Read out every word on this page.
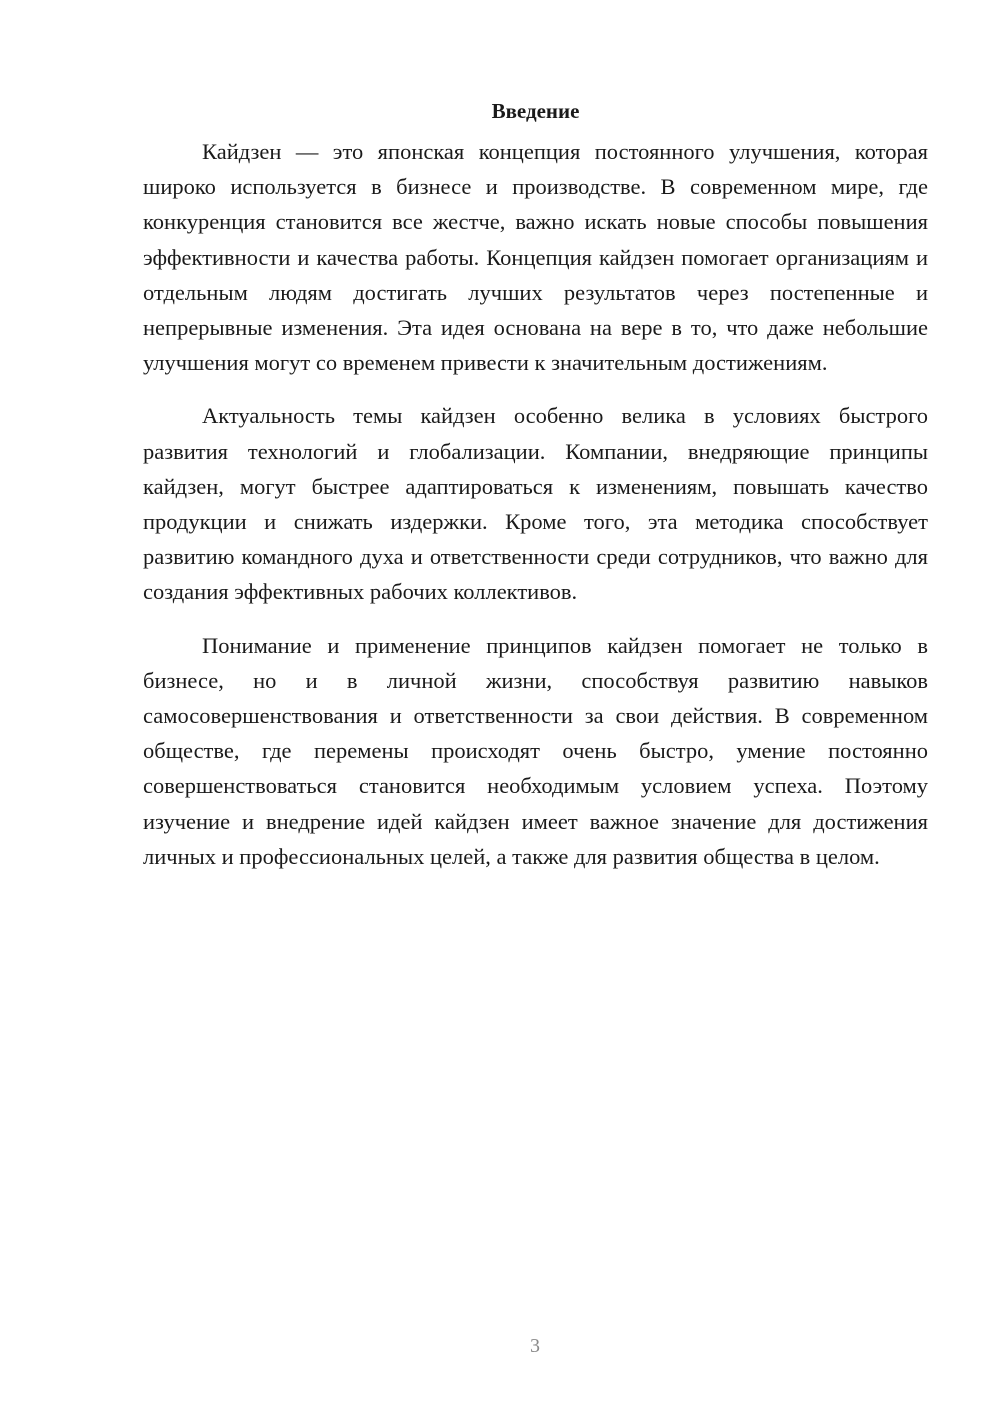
Введение

Кайдзен — это японская концепция постоянного улучшения, которая широко используется в бизнесе и производстве. В современном мире, где конкуренция становится все жестче, важно искать новые способы повышения эффективности и качества работы. Концепция кайдзен помогает организациям и отдельным людям достигать лучших результатов через постепенные и непрерывные изменения. Эта идея основана на вере в то, что даже небольшие улучшения могут со временем привести к значительным достижениям.

Актуальность темы кайдзен особенно велика в условиях быстрого развития технологий и глобализации. Компании, внедряющие принципы кайдзен, могут быстрее адаптироваться к изменениям, повышать качество продукции и снижать издержки. Кроме того, эта методика способствует развитию командного духа и ответственности среди сотрудников, что важно для создания эффективных рабочих коллективов.

Понимание и применение принципов кайдзен помогает не только в бизнесе, но и в личной жизни, способствуя развитию навыков самосовершенствования и ответственности за свои действия. В современном обществе, где перемены происходят очень быстро, умение постоянно совершенствоваться становится необходимым условием успеха. Поэтому изучение и внедрение идей кайдзен имеет важное значение для достижения личных и профессиональных целей, а также для развития общества в целом.

3
